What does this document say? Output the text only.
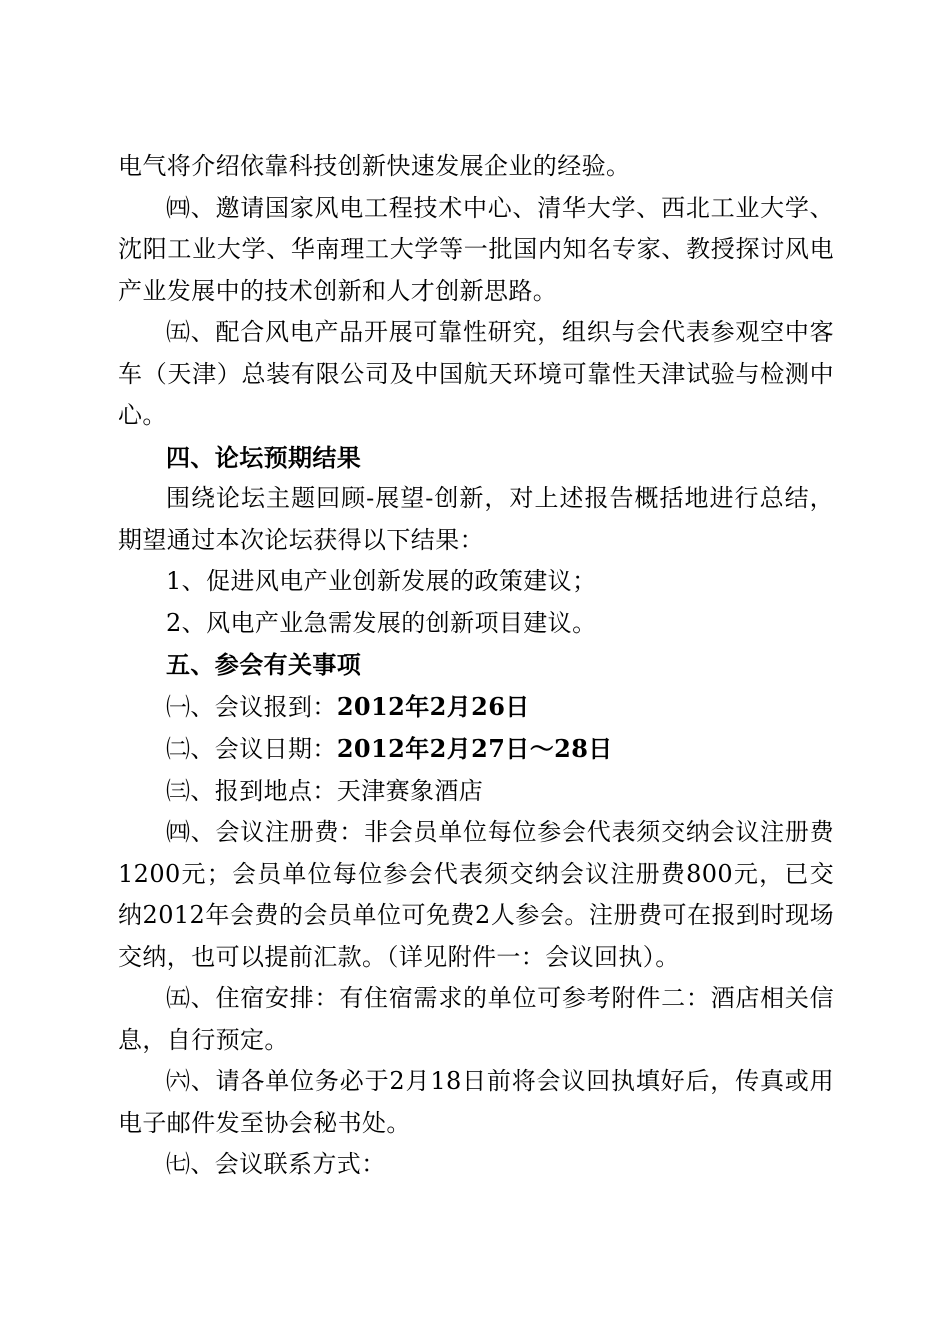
电气将介绍依靠科技创新快速发展企业的经验。

㈣、邀请国家风电工程技术中心、清华大学、西北工业大学、沈阳工业大学、华南理工大学等一批国内知名专家、教授探讨风电产业发展中的技术创新和人才创新思路。

㈤、配合风电产品开展可靠性研究，组织与会代表参观空中客车（天津）总装有限公司及中国航天环境可靠性天津试验与检测中心。

四、论坛预期结果

围绕论坛主题回顾-展望-创新，对上述报告概括地进行总结，期望通过本次论坛获得以下结果：

1、促进风电产业创新发展的政策建议；

2、风电产业急需发展的创新项目建议。

五、参会有关事项

㈠、会议报到：2012年2月26日

㈡、会议日期：2012年2月27日～28日

㈢、报到地点：天津赛象酒店

㈣、会议注册费：非会员单位每位参会代表须交纳会议注册费1200元；会员单位每位参会代表须交纳会议注册费800元，已交纳2012年会费的会员单位可免费2人参会。注册费可在报到时现场交纳，也可以提前汇款。（详见附件一：会议回执）。

㈤、住宿安排：有住宿需求的单位可参考附件二：酒店相关信息，自行预定。

㈥、请各单位务必于2月18日前将会议回执填好后，传真或用电子邮件发至协会秘书处。

㈦、会议联系方式：
